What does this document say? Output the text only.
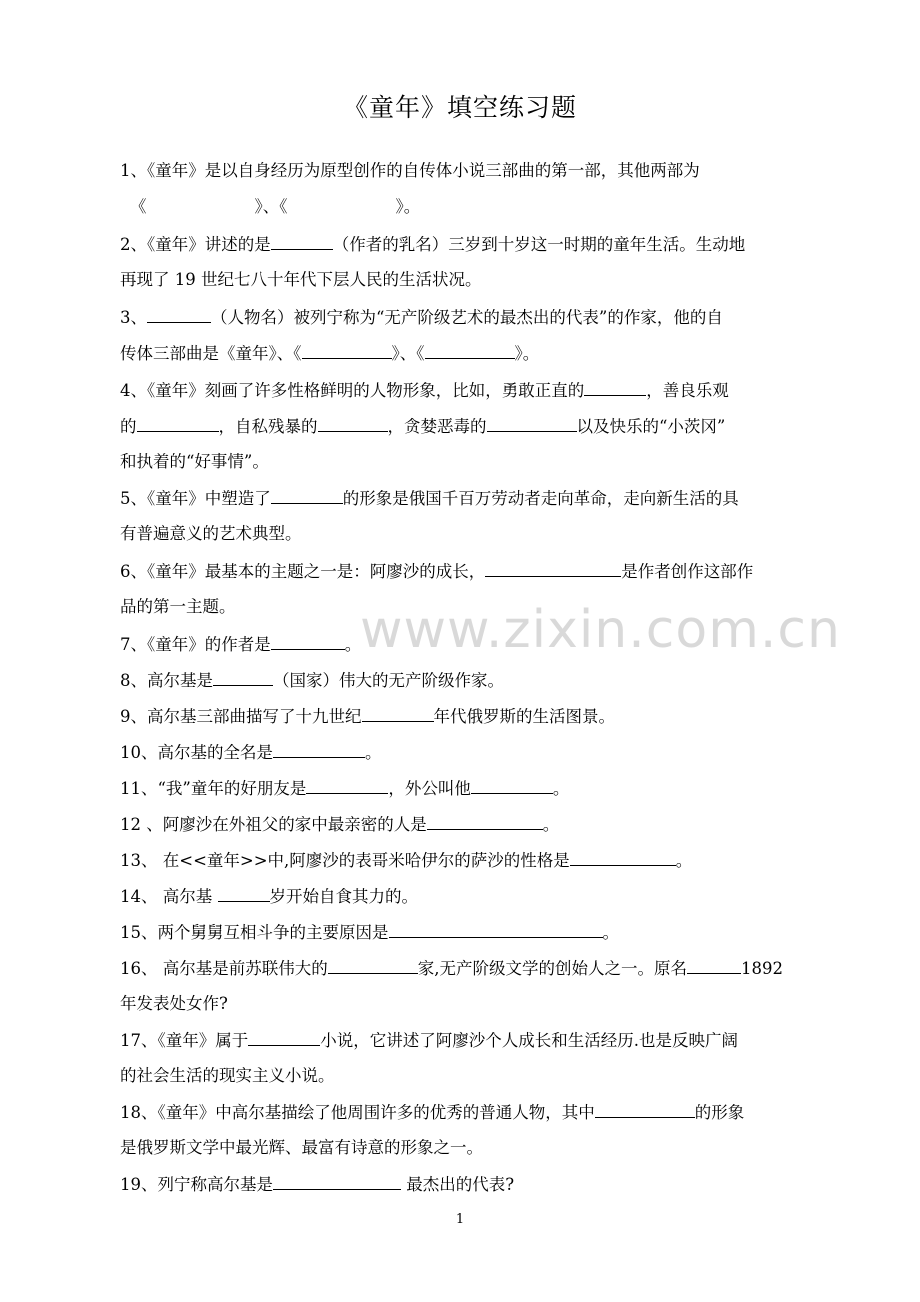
《童年》填空练习题
1、《童年》是以自身经历为原型创作的自传体小说三部曲的第一部，其他两部为
《	》、《	》。
2、《童年》讲述的是	（作者的乳名）三岁到十岁这一时期的童年生活。生动地
再现了 19 世纪七八十年代下层人民的生活状况。
3、	（人物名）被列宁称为“无产阶级艺术的最杰出的代表”的作家，他的自
传体三部曲是《童年》、《	》、《	》。
4、《童年》刻画了许多性格鲜明的人物形象，比如，勇敢正直的	，善良乐观
的	，自私残暴的	，贪婪恶毒的	以及快乐的“小茨冈”
和执着的“好事情”。
5、《童年》中塑造了	的形象是俄国千百万劳动者走向革命，走向新生活的具
有普遍意义的艺术典型。
6、《童年》最基本的主题之一是：阿廖沙的成长，	是作者创作这部作
品的第一主题。
7、《童年》的作者是	。
8、高尔基是	（国家）伟大的无产阶级作家。
9、高尔基三部曲描写了十九世纪	年代俄罗斯的生活图景。
10、高尔基的全名是	。
11、“我”童年的好朋友是	，外公叫他	。
12 、阿廖沙在外祖父的家中最亲密的人是	。
13、 在<<童年>>中,阿廖沙的表哥米哈伊尔的萨沙的性格是	。
14、 高尔基	岁开始自食其力的。
15、两个舅舅互相斗争的主要原因是	。
16、 高尔基是前苏联伟大的	家,无产阶级文学的创始人之一。原名	1892
年发表处女作?
17、《童年》属于	小说，它讲述了阿廖沙个人成长和生活经历.也是反映广阔
的社会生活的现实主义小说。
18、《童年》中高尔基描绘了他周围许多的优秀的普通人物，其中	的形象
是俄罗斯文学中最光辉、最富有诗意的形象之一。
19、列宁称高尔基是	最杰出的代表?
www.zixin.com.cn
1
